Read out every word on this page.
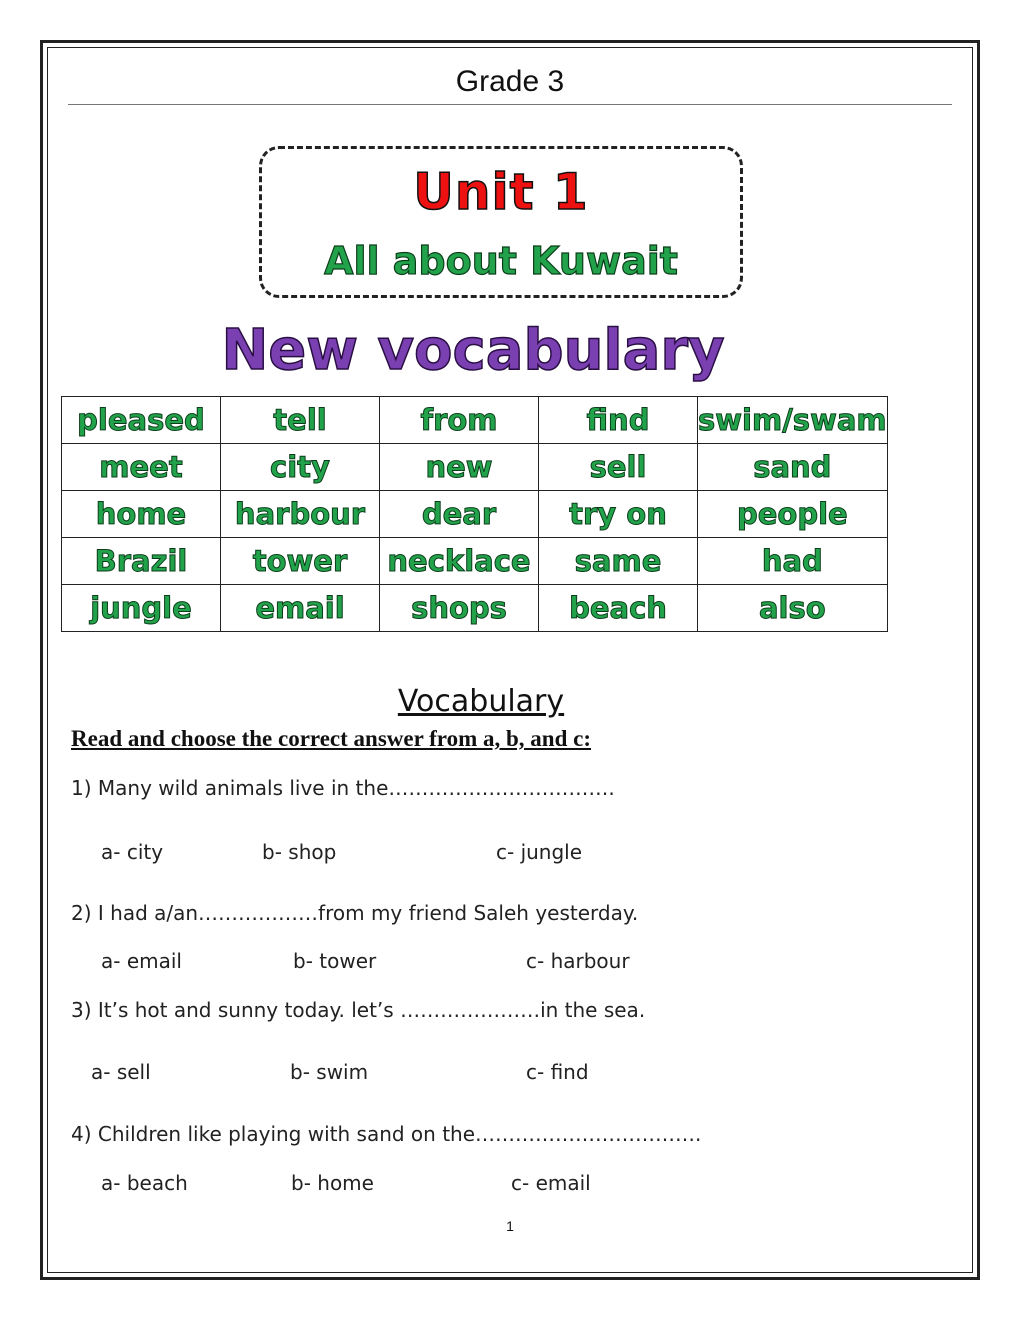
Grade 3
Unit 1
All about Kuwait
New vocabulary
pleased	tell	from	find	swim/swam
meet	city	new	sell	sand
home	harbour	dear	try on	people
Brazil	tower	necklace	same	had
jungle	email	shops	beach	also
Vocabulary
Read and choose the correct answer from a, b, and c:
1) Many wild animals live in the…………………………….
a- city	b- shop	c- jungle
2) I had a/an………………from my friend Saleh yesterday.
a- email	b- tower	c- harbour
3) It’s hot and sunny today. let’s …………………in the sea.
a- sell	b- swim	c- find
4) Children like playing with sand on the…………………………….
a- beach	b- home	c- email
1
